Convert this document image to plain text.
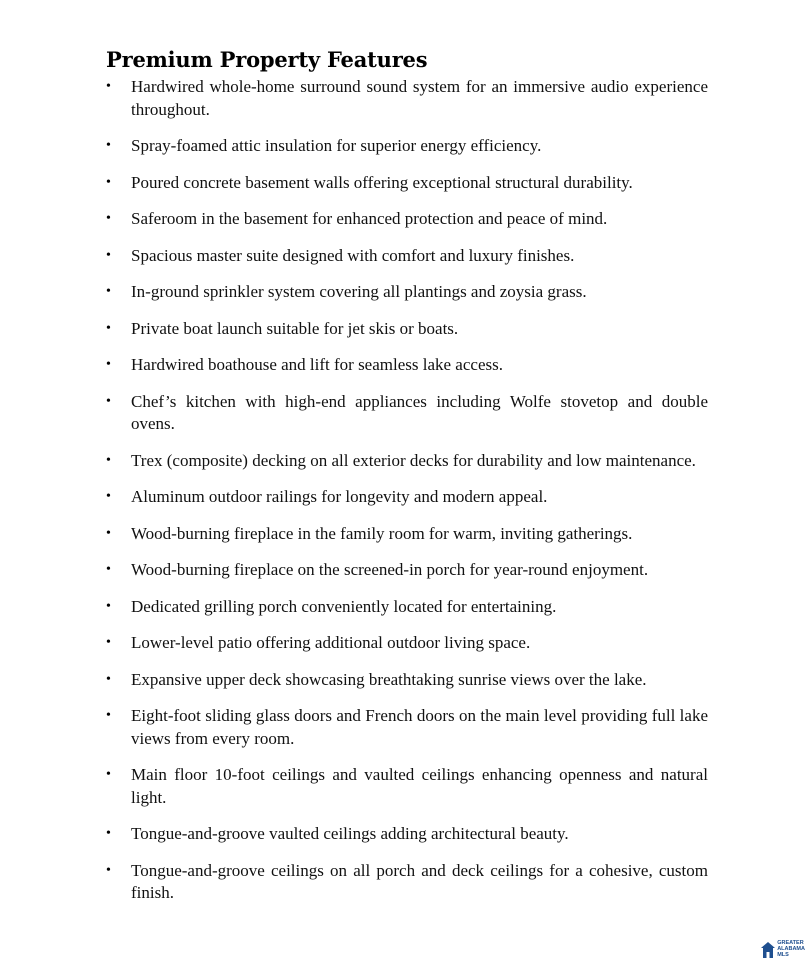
Premium Property Features
• Hardwired whole-home surround sound system for an immersive audio experience throughout.
• Spray-foamed attic insulation for superior energy efficiency.
• Poured concrete basement walls offering exceptional structural durability.
• Saferoom in the basement for enhanced protection and peace of mind.
• Spacious master suite designed with comfort and luxury finishes.
• In-ground sprinkler system covering all plantings and zoysia grass.
• Private boat launch suitable for jet skis or boats.
• Hardwired boathouse and lift for seamless lake access.
• Chef’s kitchen with high-end appliances including Wolfe stovetop and double ovens.
• Trex (composite) decking on all exterior decks for durability and low maintenance.
• Aluminum outdoor railings for longevity and modern appeal.
• Wood-burning fireplace in the family room for warm, inviting gatherings.
• Wood-burning fireplace on the screened-in porch for year-round enjoyment.
• Dedicated grilling porch conveniently located for entertaining.
• Lower-level patio offering additional outdoor living space.
• Expansive upper deck showcasing breathtaking sunrise views over the lake.
• Eight-foot sliding glass doors and French doors on the main level providing full lake views from every room.
• Main floor 10-foot ceilings and vaulted ceilings enhancing openness and natural light.
• Tongue-and-groove vaulted ceilings adding architectural beauty.
• Tongue-and-groove ceilings on all porch and deck ceilings for a cohesive, custom finish.
GREATER
ALABAMA
MLS
